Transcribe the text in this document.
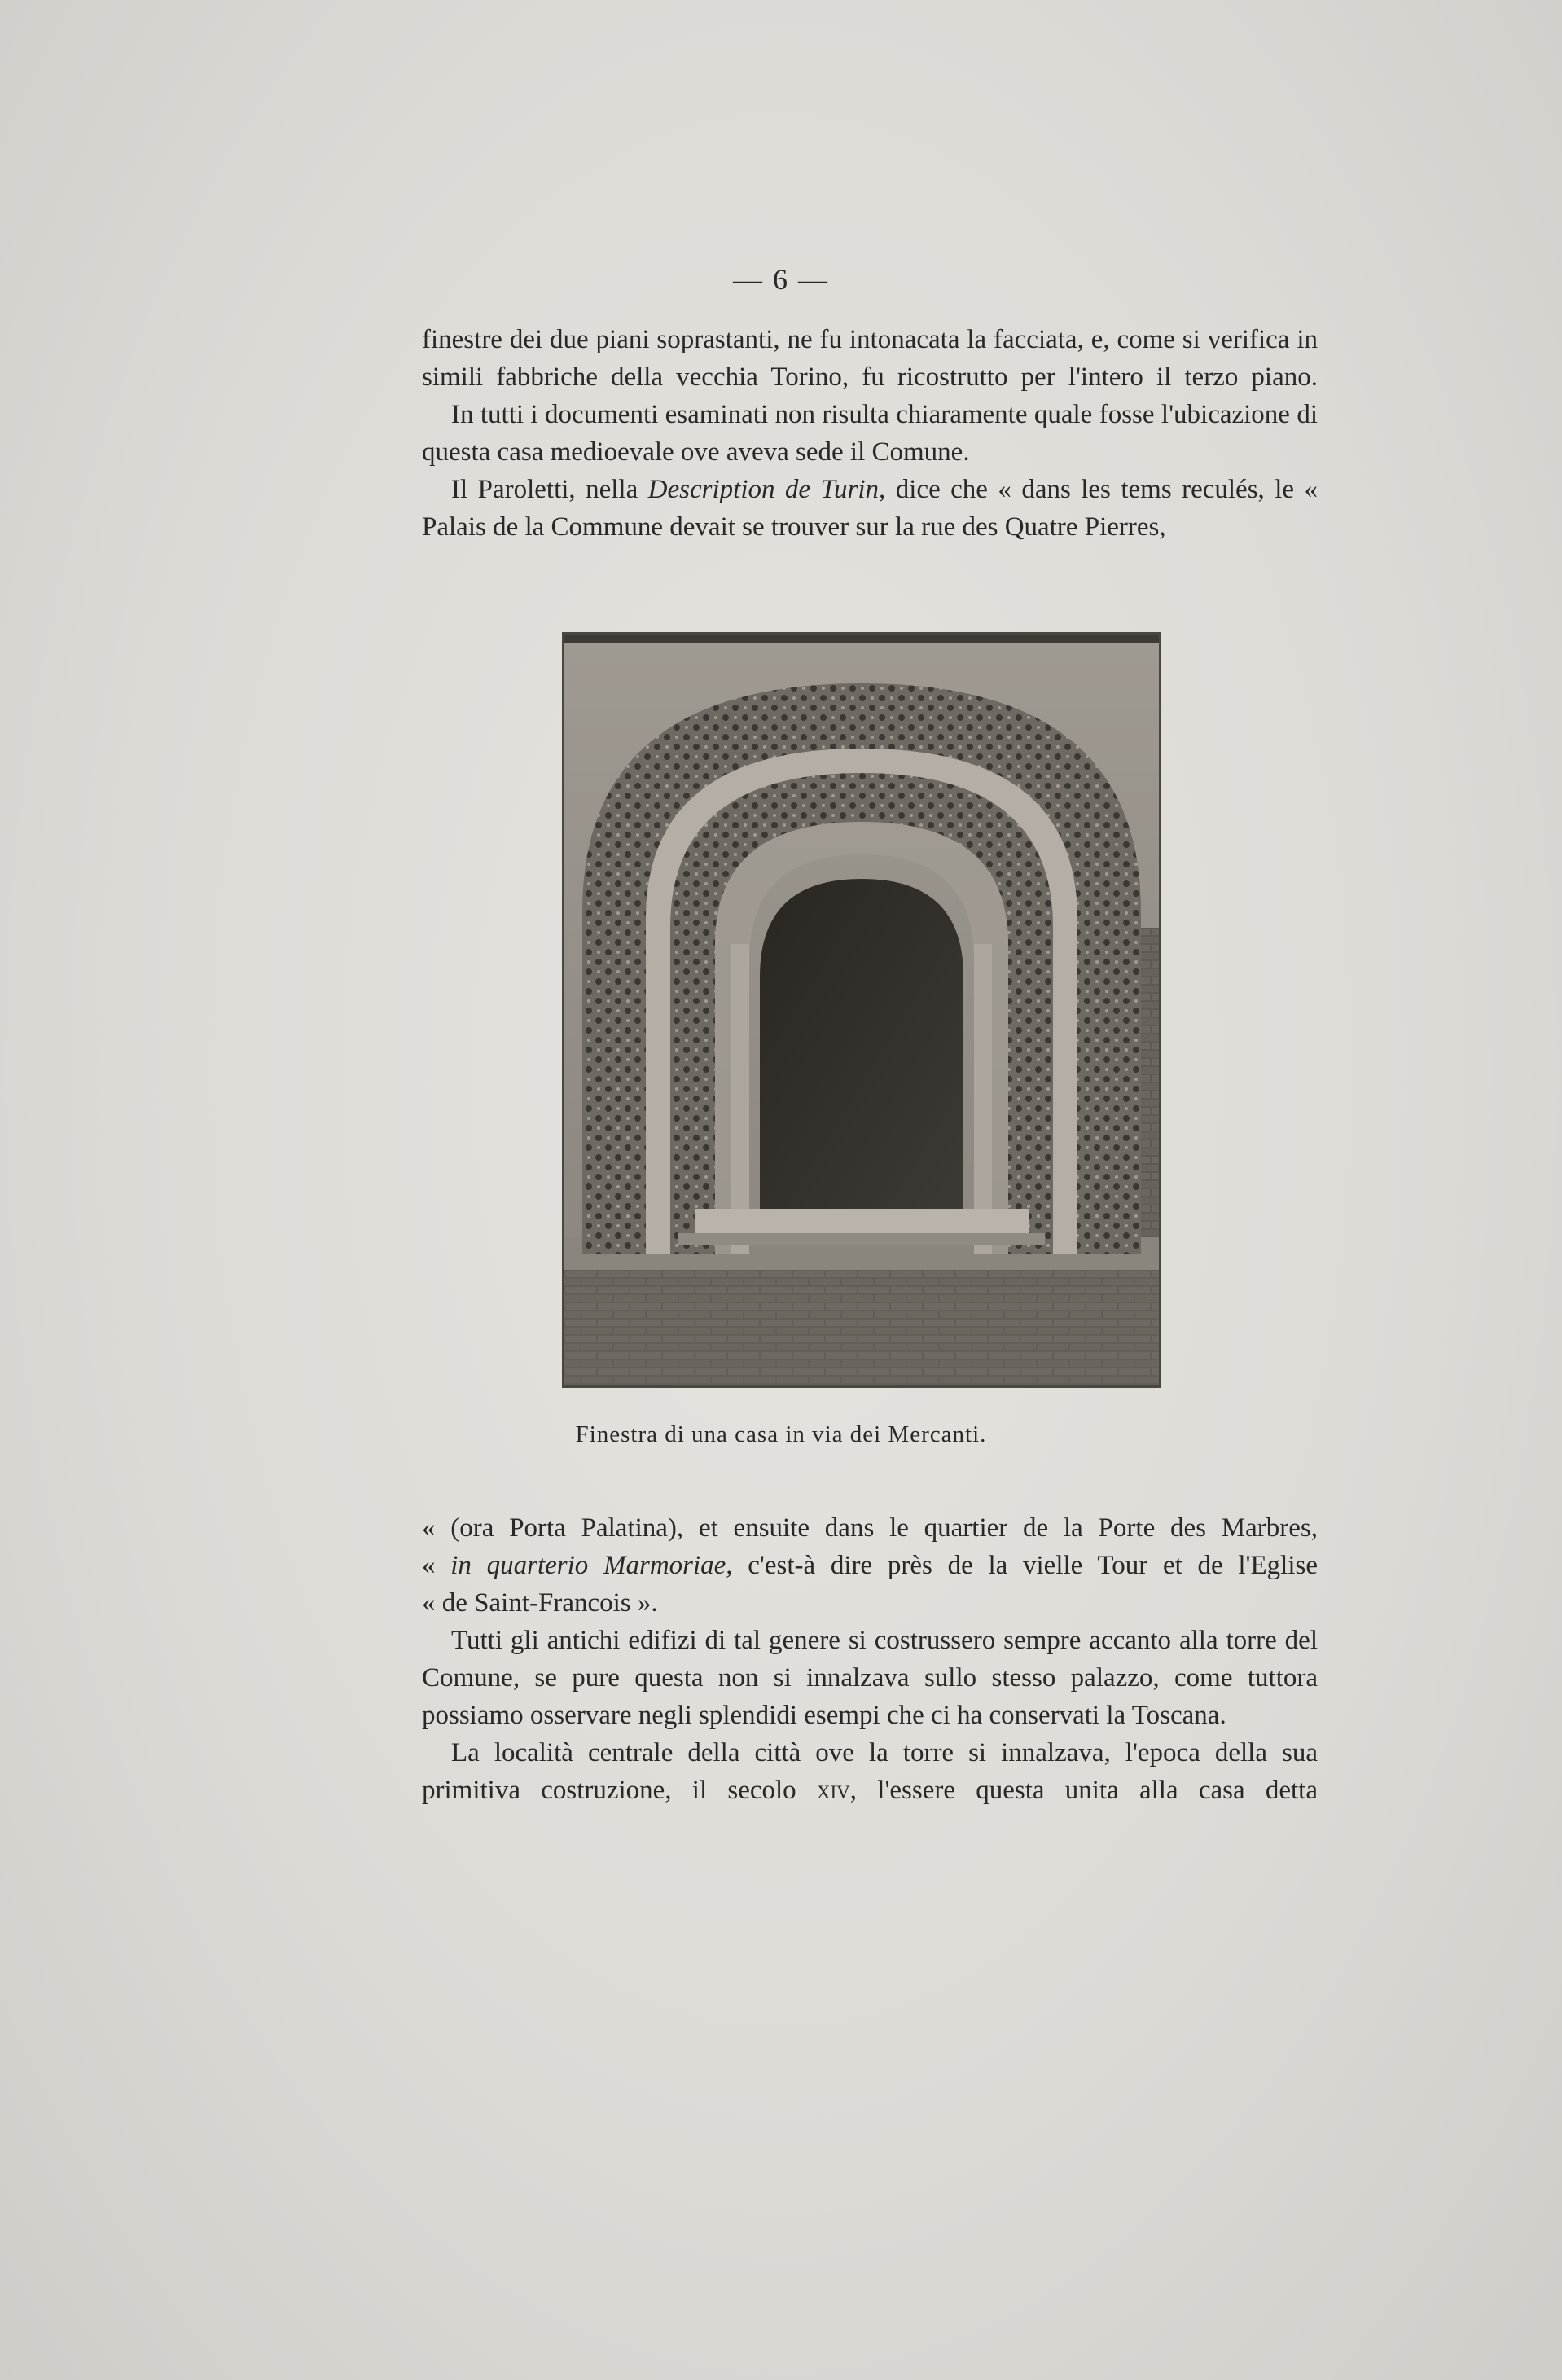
— 6 —

finestre dei due piani soprastanti, ne fu intonacata la facciata, e, come si verifica in simili fabbriche della vecchia Torino, fu ricostrutto per l'intero il terzo piano.

In tutti i documenti esaminati non risulta chiaramente quale fosse l'ubicazione di questa casa medioevale ove aveva sede il Comune.

Il Paroletti, nella Description de Turin, dice che « dans les tems reculés, le « Palais de la Commune devait se trouver sur la rue des Quatre Pierres,

Finestra di una casa in via dei Mercanti.

« (ora Porta Palatina), et ensuite dans le quartier de la Porte des Marbres,

« in quarterio Marmoriae, c'est-à dire près de la vielle Tour et de l'Eglise

« de Saint-Francois ».

Tutti gli antichi edifizi di tal genere si costrussero sempre accanto alla torre del Comune, se pure questa non si innalzava sullo stesso palazzo, come tuttora possiamo osservare negli splendidi esempi che ci ha conservati la Toscana.

La località centrale della città ove la torre si innalzava, l'epoca della sua primitiva costruzione, il secolo xiv, l'essere questa unita alla casa detta
